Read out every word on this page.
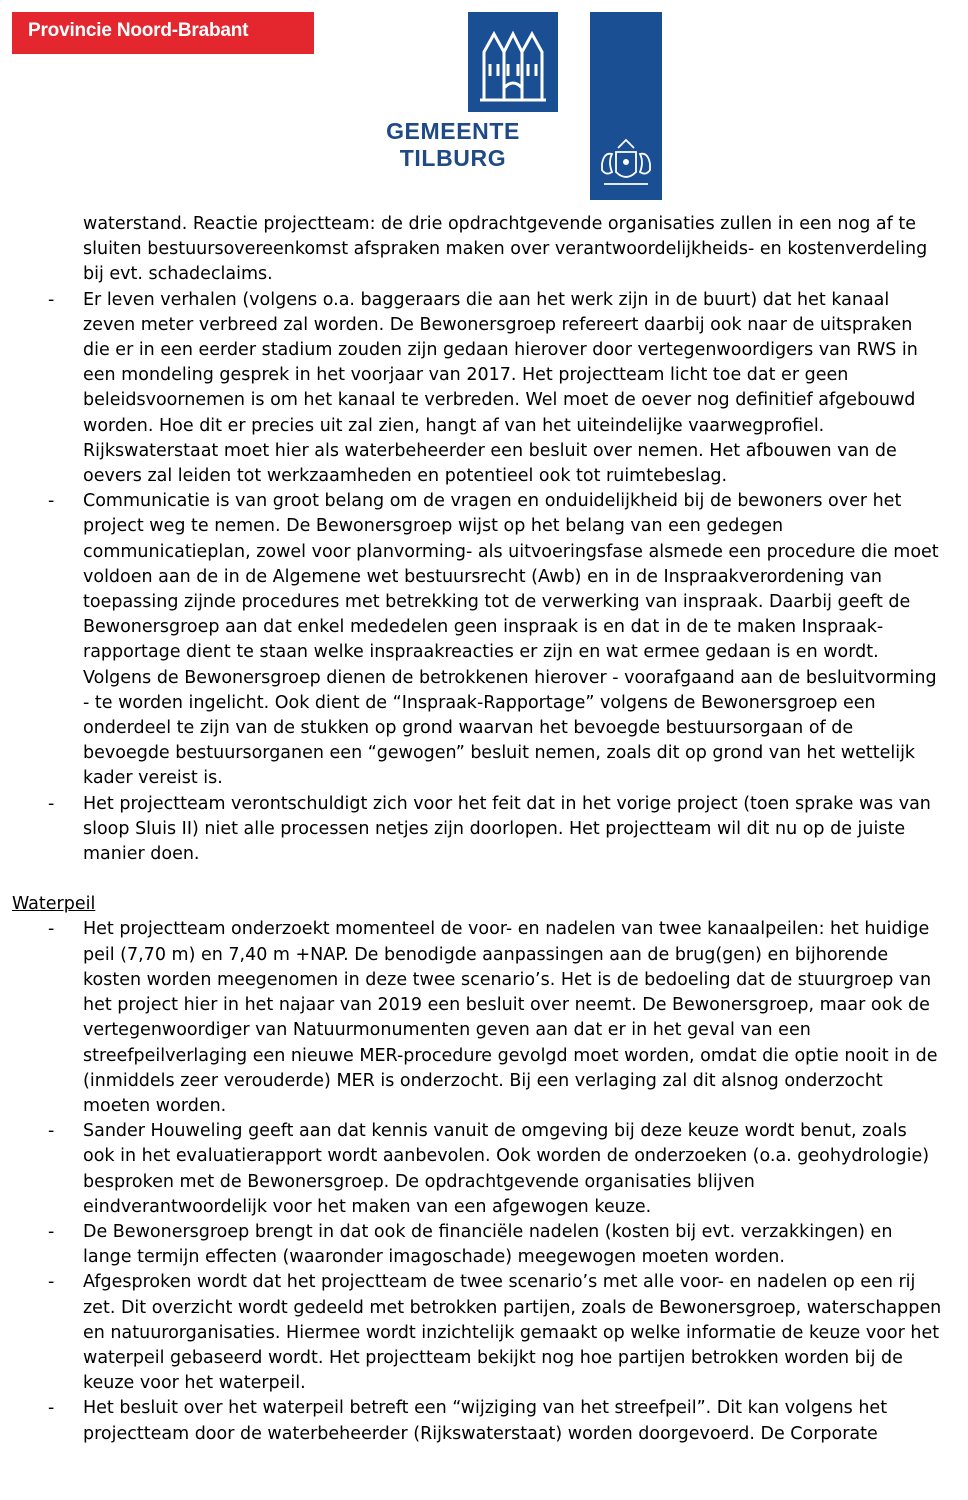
Provincie Noord-Brabant
GEMEENTE TILBURG
waterstand. Reactie projectteam: de drie opdrachtgevende organisaties zullen in een nog af te sluiten bestuursovereenkomst afspraken maken over verantwoordelijkheids- en kostenverdeling bij evt. schadeclaims.
- Er leven verhalen (volgens o.a. baggeraars die aan het werk zijn in de buurt) dat het kanaal zeven meter verbreed zal worden. De Bewonersgroep refereert daarbij ook naar de uitspraken die er in een eerder stadium zouden zijn gedaan hierover door vertegenwoordigers van RWS in een mondeling gesprek in het voorjaar van 2017. Het projectteam licht toe dat er geen beleidsvoornemen is om het kanaal te verbreden. Wel moet de oever nog definitief afgebouwd worden. Hoe dit er precies uit zal zien, hangt af van het uiteindelijke vaarwegprofiel. Rijkswaterstaat moet hier als waterbeheerder een besluit over nemen. Het afbouwen van de oevers zal leiden tot werkzaamheden en potentieel ook tot ruimtebeslag.
- Communicatie is van groot belang om de vragen en onduidelijkheid bij de bewoners over het project weg te nemen. De Bewonersgroep wijst op het belang van een gedegen communicatieplan, zowel voor planvorming- als uitvoeringsfase alsmede een procedure die moet voldoen aan de in de Algemene wet bestuursrecht (Awb) en in de Inspraakverordening van toepassing zijnde procedures met betrekking tot de verwerking van inspraak. Daarbij geeft de Bewonersgroep aan dat enkel mededelen geen inspraak is en dat in de te maken Inspraak-rapportage dient te staan welke inspraakreacties er zijn en wat ermee gedaan is en wordt. Volgens de Bewonersgroep dienen de betrokkenen hierover - voorafgaand aan de besluitvorming - te worden ingelicht. Ook dient de “Inspraak-Rapportage” volgens de Bewonersgroep een onderdeel te zijn van de stukken op grond waarvan het bevoegde bestuursorgaan of de bevoegde bestuursorganen een “gewogen” besluit nemen, zoals dit op grond van het wettelijk kader vereist is.
- Het projectteam verontschuldigt zich voor het feit dat in het vorige project (toen sprake was van sloop Sluis II) niet alle processen netjes zijn doorlopen. Het projectteam wil dit nu op de juiste manier doen.
Waterpeil
- Het projectteam onderzoekt momenteel de voor- en nadelen van twee kanaalpeilen: het huidige peil (7,70 m) en 7,40 m +NAP. De benodigde aanpassingen aan de brug(gen) en bijhorende kosten worden meegenomen in deze twee scenario’s. Het is de bedoeling dat de stuurgroep van het project hier in het najaar van 2019 een besluit over neemt. De Bewonersgroep, maar ook de vertegenwoordiger van Natuurmonumenten geven aan dat er in het geval van een streefpeilverlaging een nieuwe MER-procedure gevolgd moet worden, omdat die optie nooit in de (inmiddels zeer verouderde) MER is onderzocht. Bij een verlaging zal dit alsnog onderzocht moeten worden.
- Sander Houweling geeft aan dat kennis vanuit de omgeving bij deze keuze wordt benut, zoals ook in het evaluatierapport wordt aanbevolen. Ook worden de onderzoeken (o.a. geohydrologie) besproken met de Bewonersgroep. De opdrachtgevende organisaties blijven eindverantwoordelijk voor het maken van een afgewogen keuze.
- De Bewonersgroep brengt in dat ook de financiële nadelen (kosten bij evt. verzakkingen) en lange termijn effecten (waaronder imagoschade) meegewogen moeten worden.
- Afgesproken wordt dat het projectteam de twee scenario’s met alle voor- en nadelen op een rij zet. Dit overzicht wordt gedeeld met betrokken partijen, zoals de Bewonersgroep, waterschappen en natuurorganisaties. Hiermee wordt inzichtelijk gemaakt op welke informatie de keuze voor het waterpeil gebaseerd wordt. Het projectteam bekijkt nog hoe partijen betrokken worden bij de keuze voor het waterpeil.
- Het besluit over het waterpeil betreft een “wijziging van het streefpeil”. Dit kan volgens het projectteam door de waterbeheerder (Rijkswaterstaat) worden doorgevoerd. De Corporate
